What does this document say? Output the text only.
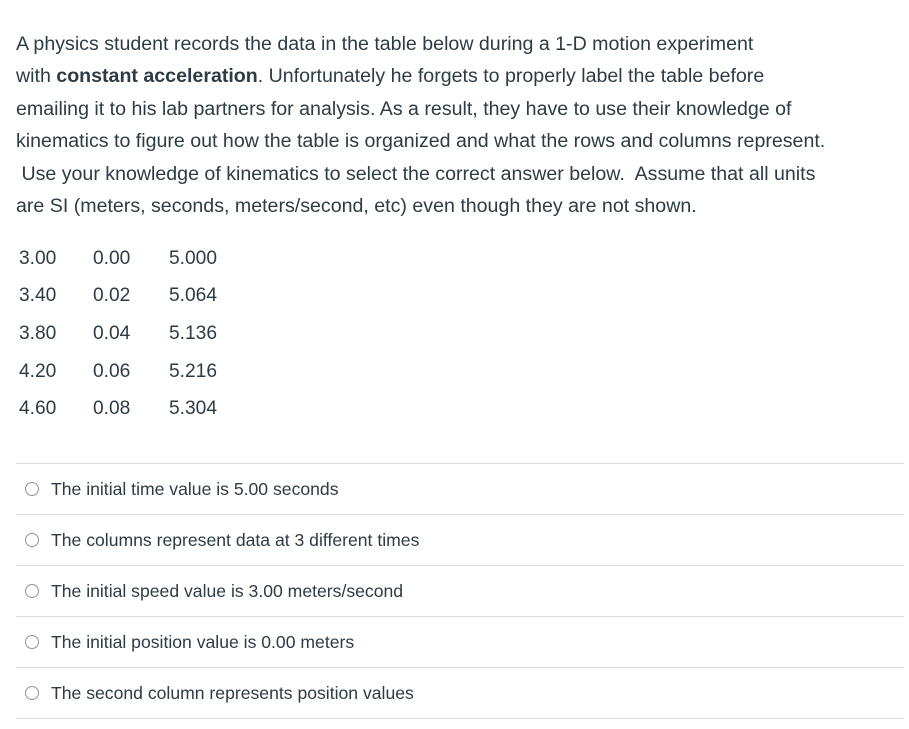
A physics student records the data in the table below during a 1-D motion experiment

with constant acceleration. Unfortunately he forgets to properly label the table before

emailing it to his lab partners for analysis. As a result, they have to use their knowledge of

kinematics to figure out how the table is organized and what the rows and columns represent.

Use your knowledge of kinematics to select the correct answer below.  Assume that all units

are SI (meters, seconds, meters/second, etc) even though they are not shown.

3.00	0.00	5.000
3.40	0.02	5.064
3.80	0.04	5.136
4.20	0.06	5.216
4.60	0.08	5.304
The initial time value is 5.00 seconds
The columns represent data at 3 different times
The initial speed value is 3.00 meters/second
The initial position value is 0.00 meters
The second column represents position values
